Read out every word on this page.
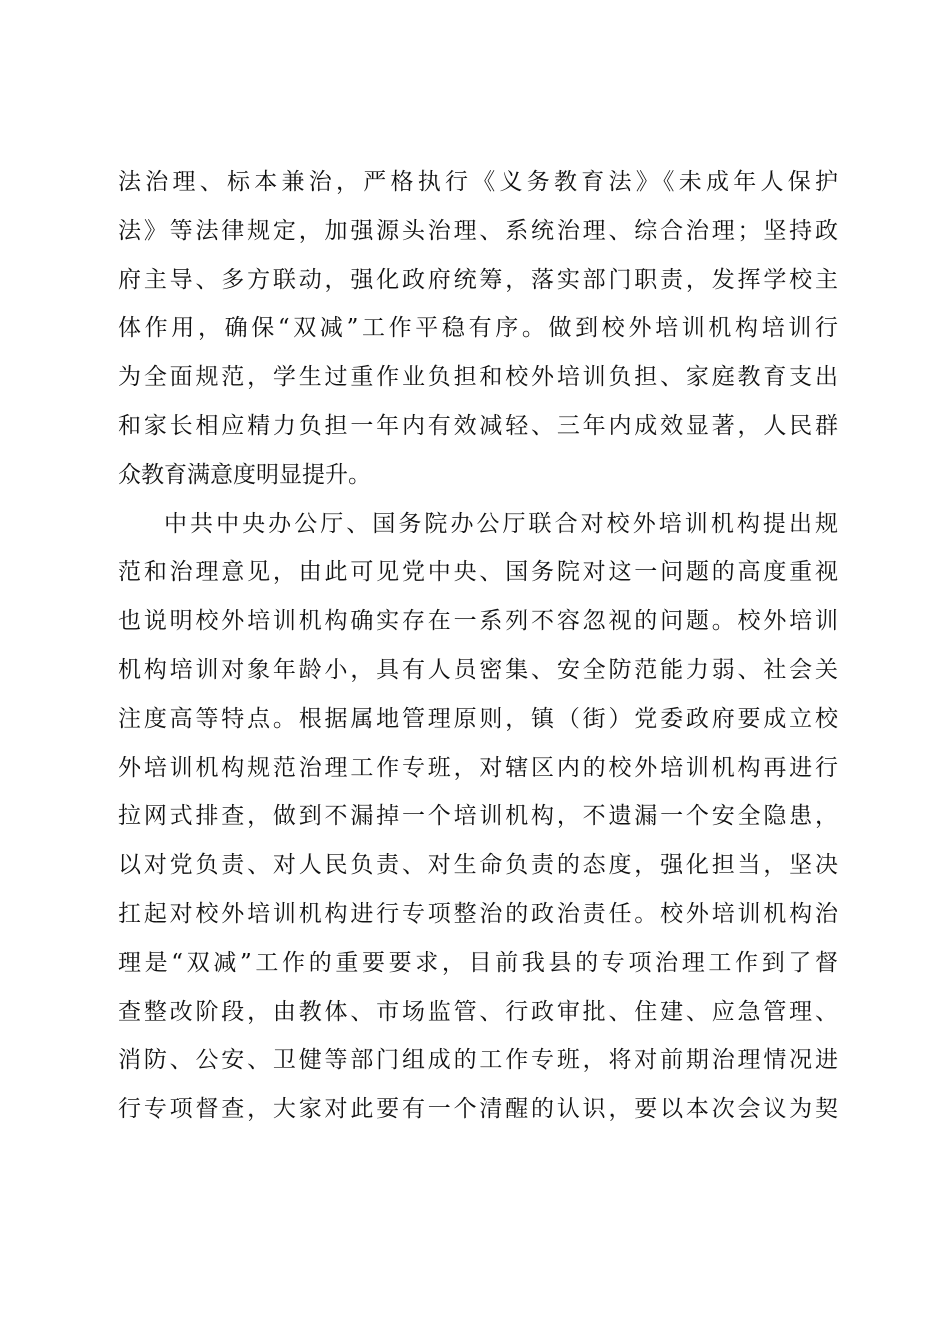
法治理、标本兼治，严格执行《义务教育法》《未成年人保护
法》等法律规定，加强源头治理、系统治理、综合治理；坚持政
府主导、多方联动，强化政府统筹，落实部门职责，发挥学校主
体作用，确保“双减”工作平稳有序。做到校外培训机构培训行
为全面规范，学生过重作业负担和校外培训负担、家庭教育支出
和家长相应精力负担一年内有效减轻、三年内成效显著，人民群
众教育满意度明显提升。
中共中央办公厅、国务院办公厅联合对校外培训机构提出规
范和治理意见，由此可见党中央、国务院对这一问题的高度重视
也说明校外培训机构确实存在一系列不容忽视的问题。校外培训
机构培训对象年龄小，具有人员密集、安全防范能力弱、社会关
注度高等特点。根据属地管理原则，镇（街）党委政府要成立校
外培训机构规范治理工作专班，对辖区内的校外培训机构再进行
拉网式排查，做到不漏掉一个培训机构，不遗漏一个安全隐患，
以对党负责、对人民负责、对生命负责的态度，强化担当，坚决
扛起对校外培训机构进行专项整治的政治责任。校外培训机构治
理是“双减”工作的重要要求，目前我县的专项治理工作到了督
查整改阶段，由教体、市场监管、行政审批、住建、应急管理、
消防、公安、卫健等部门组成的工作专班，将对前期治理情况进
行专项督查，大家对此要有一个清醒的认识，要以本次会议为契
